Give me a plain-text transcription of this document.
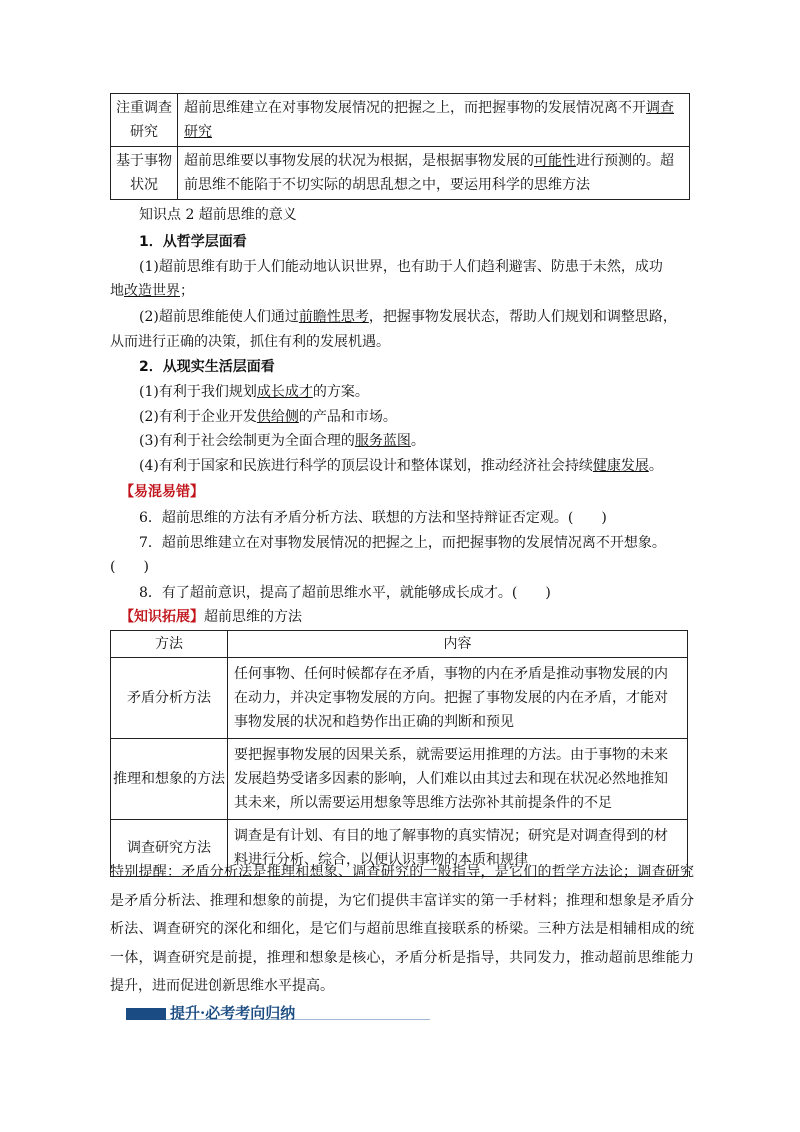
注重调查研究	超前思维建立在对事物发展情况的把握之上，而把握事物的发展情况离不开调查研究
基于事物状况	超前思维要以事物发展的状况为根据，是根据事物发展的可能性进行预测的。超前思维不能陷于不切实际的胡思乱想之中，要运用科学的思维方法
知识点 2 超前思维的意义
1．从哲学层面看
(1)超前思维有助于人们能动地认识世界，也有助于人们趋利避害、防患于未然，成功
地改造世界；
(2)超前思维能使人们通过前瞻性思考，把握事物发展状态，帮助人们规划和调整思路，
从而进行正确的决策，抓住有利的发展机遇。
2．从现实生活层面看
(1)有利于我们规划成长成才的方案。
(2)有利于企业开发供给侧的产品和市场。
(3)有利于社会绘制更为全面合理的服务蓝图。
(4)有利于国家和民族进行科学的顶层设计和整体谋划，推动经济社会持续健康发展。
【易混易错】
6．超前思维的方法有矛盾分析方法、联想的方法和坚持辩证否定观。(　　)
7．超前思维建立在对事物发展情况的把握之上，而把握事物的发展情况离不开想象。
(　　)
8．有了超前意识，提高了超前思维水平，就能够成长成才。(　　)
【知识拓展】超前思维的方法
方法	内容
矛盾分析方法	任何事物、任何时候都存在矛盾，事物的内在矛盾是推动事物发展的内在动力，并决定事物发展的方向。把握了事物发展的内在矛盾，才能对事物发展的状况和趋势作出正确的判断和预见
推理和想象的方法	要把握事物发展的因果关系，就需要运用推理的方法。由于事物的未来发展趋势受诸多因素的影响，人们难以由其过去和现在状况必然地推知其未来，所以需要运用想象等思维方法弥补其前提条件的不足
调查研究方法	调查是有计划、有目的地了解事物的真实情况；研究是对调查得到的材料进行分析、综合，以便认识事物的本质和规律
特别提醒：矛盾分析法是推理和想象、调查研究的一般指导，是它们的哲学方法论；调查研究是矛盾分析法、推理和想象的前提，为它们提供丰富详实的第一手材料；推理和想象是矛盾分析法、调查研究的深化和细化，是它们与超前思维直接联系的桥梁。三种方法是相辅相成的统一体，调查研究是前提，推理和想象是核心，矛盾分析是指导，共同发力，推动超前思维能力提升，进而促进创新思维水平提高。
提升·必考考向归纳
